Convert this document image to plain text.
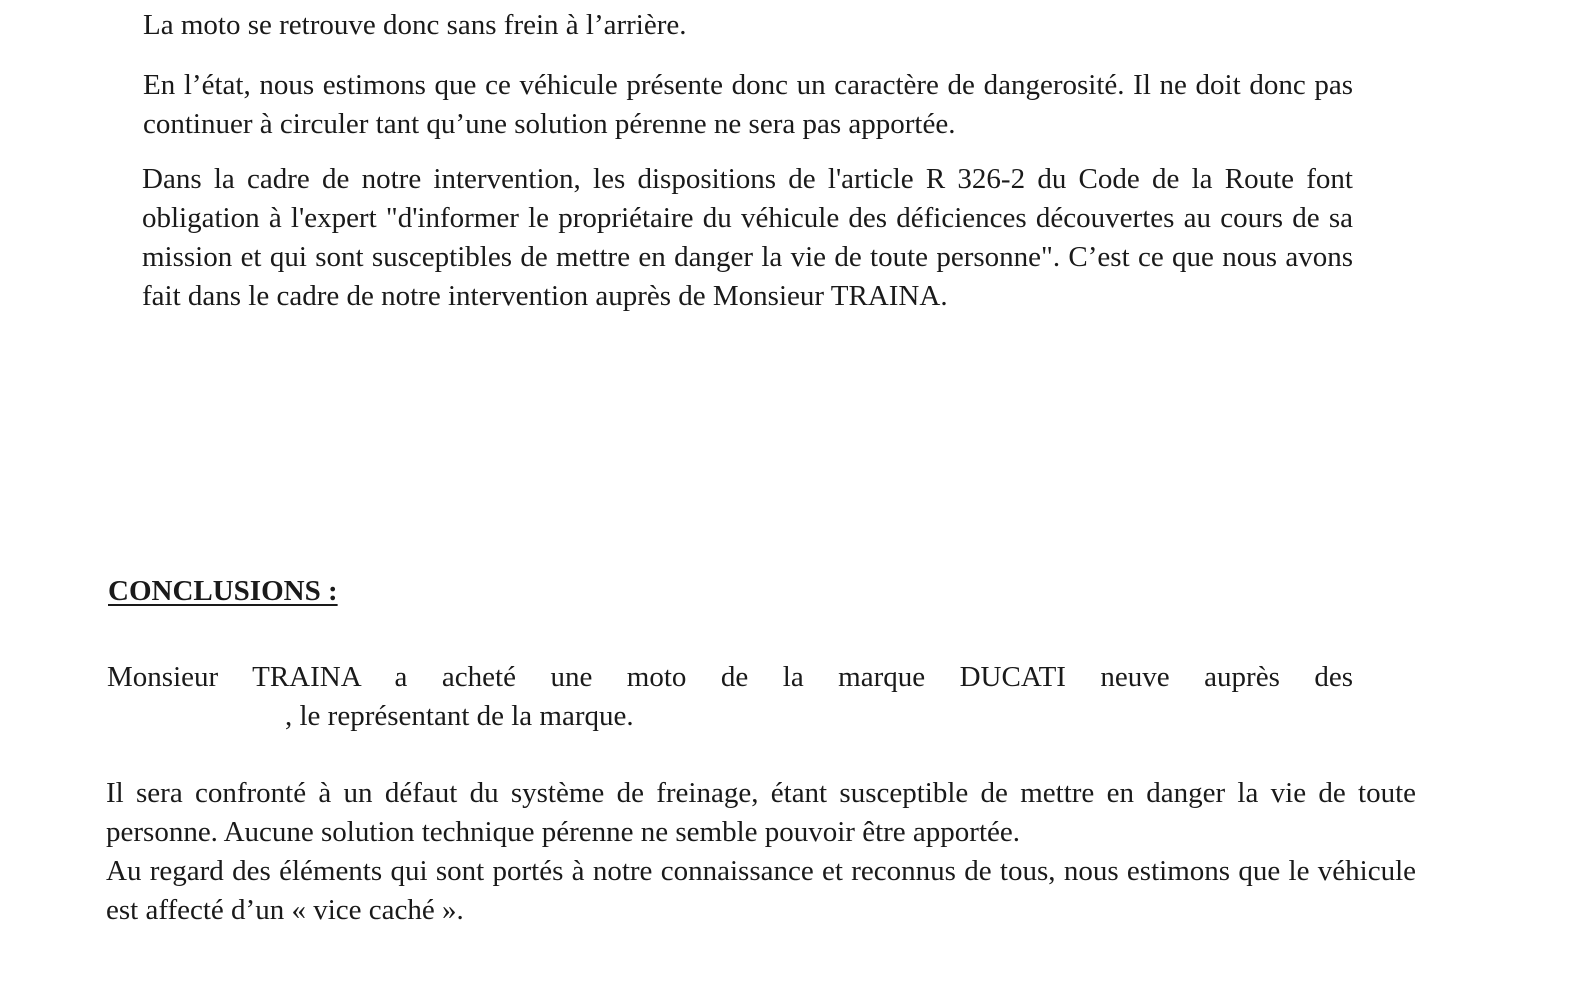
La moto se retrouve donc sans frein à l’arrière.

En l’état, nous estimons que ce véhicule présente donc un caractère de dangerosité. Il ne doit donc pas continuer à circuler tant qu’une solution pérenne ne sera pas apportée.

Dans la cadre de notre intervention, les dispositions de l'article R 326-2 du Code de la Route font obligation à l'expert "d'informer le propriétaire du véhicule des déficiences découvertes au cours de sa mission et qui sont susceptibles de mettre en danger la vie de toute personne". C’est ce que nous avons fait dans le cadre de notre intervention auprès de Monsieur TRAINA.

CONCLUSIONS :

Monsieur TRAINA a acheté une moto de la marque DUCATI neuve auprès des
, le représentant de la marque.

Il sera confronté à un défaut du système de freinage, étant susceptible de mettre en danger la vie de toute personne. Aucune solution technique pérenne ne semble pouvoir être apportée.
Au regard des éléments qui sont portés à notre connaissance et reconnus de tous, nous estimons que le véhicule est affecté d’un « vice caché ».
